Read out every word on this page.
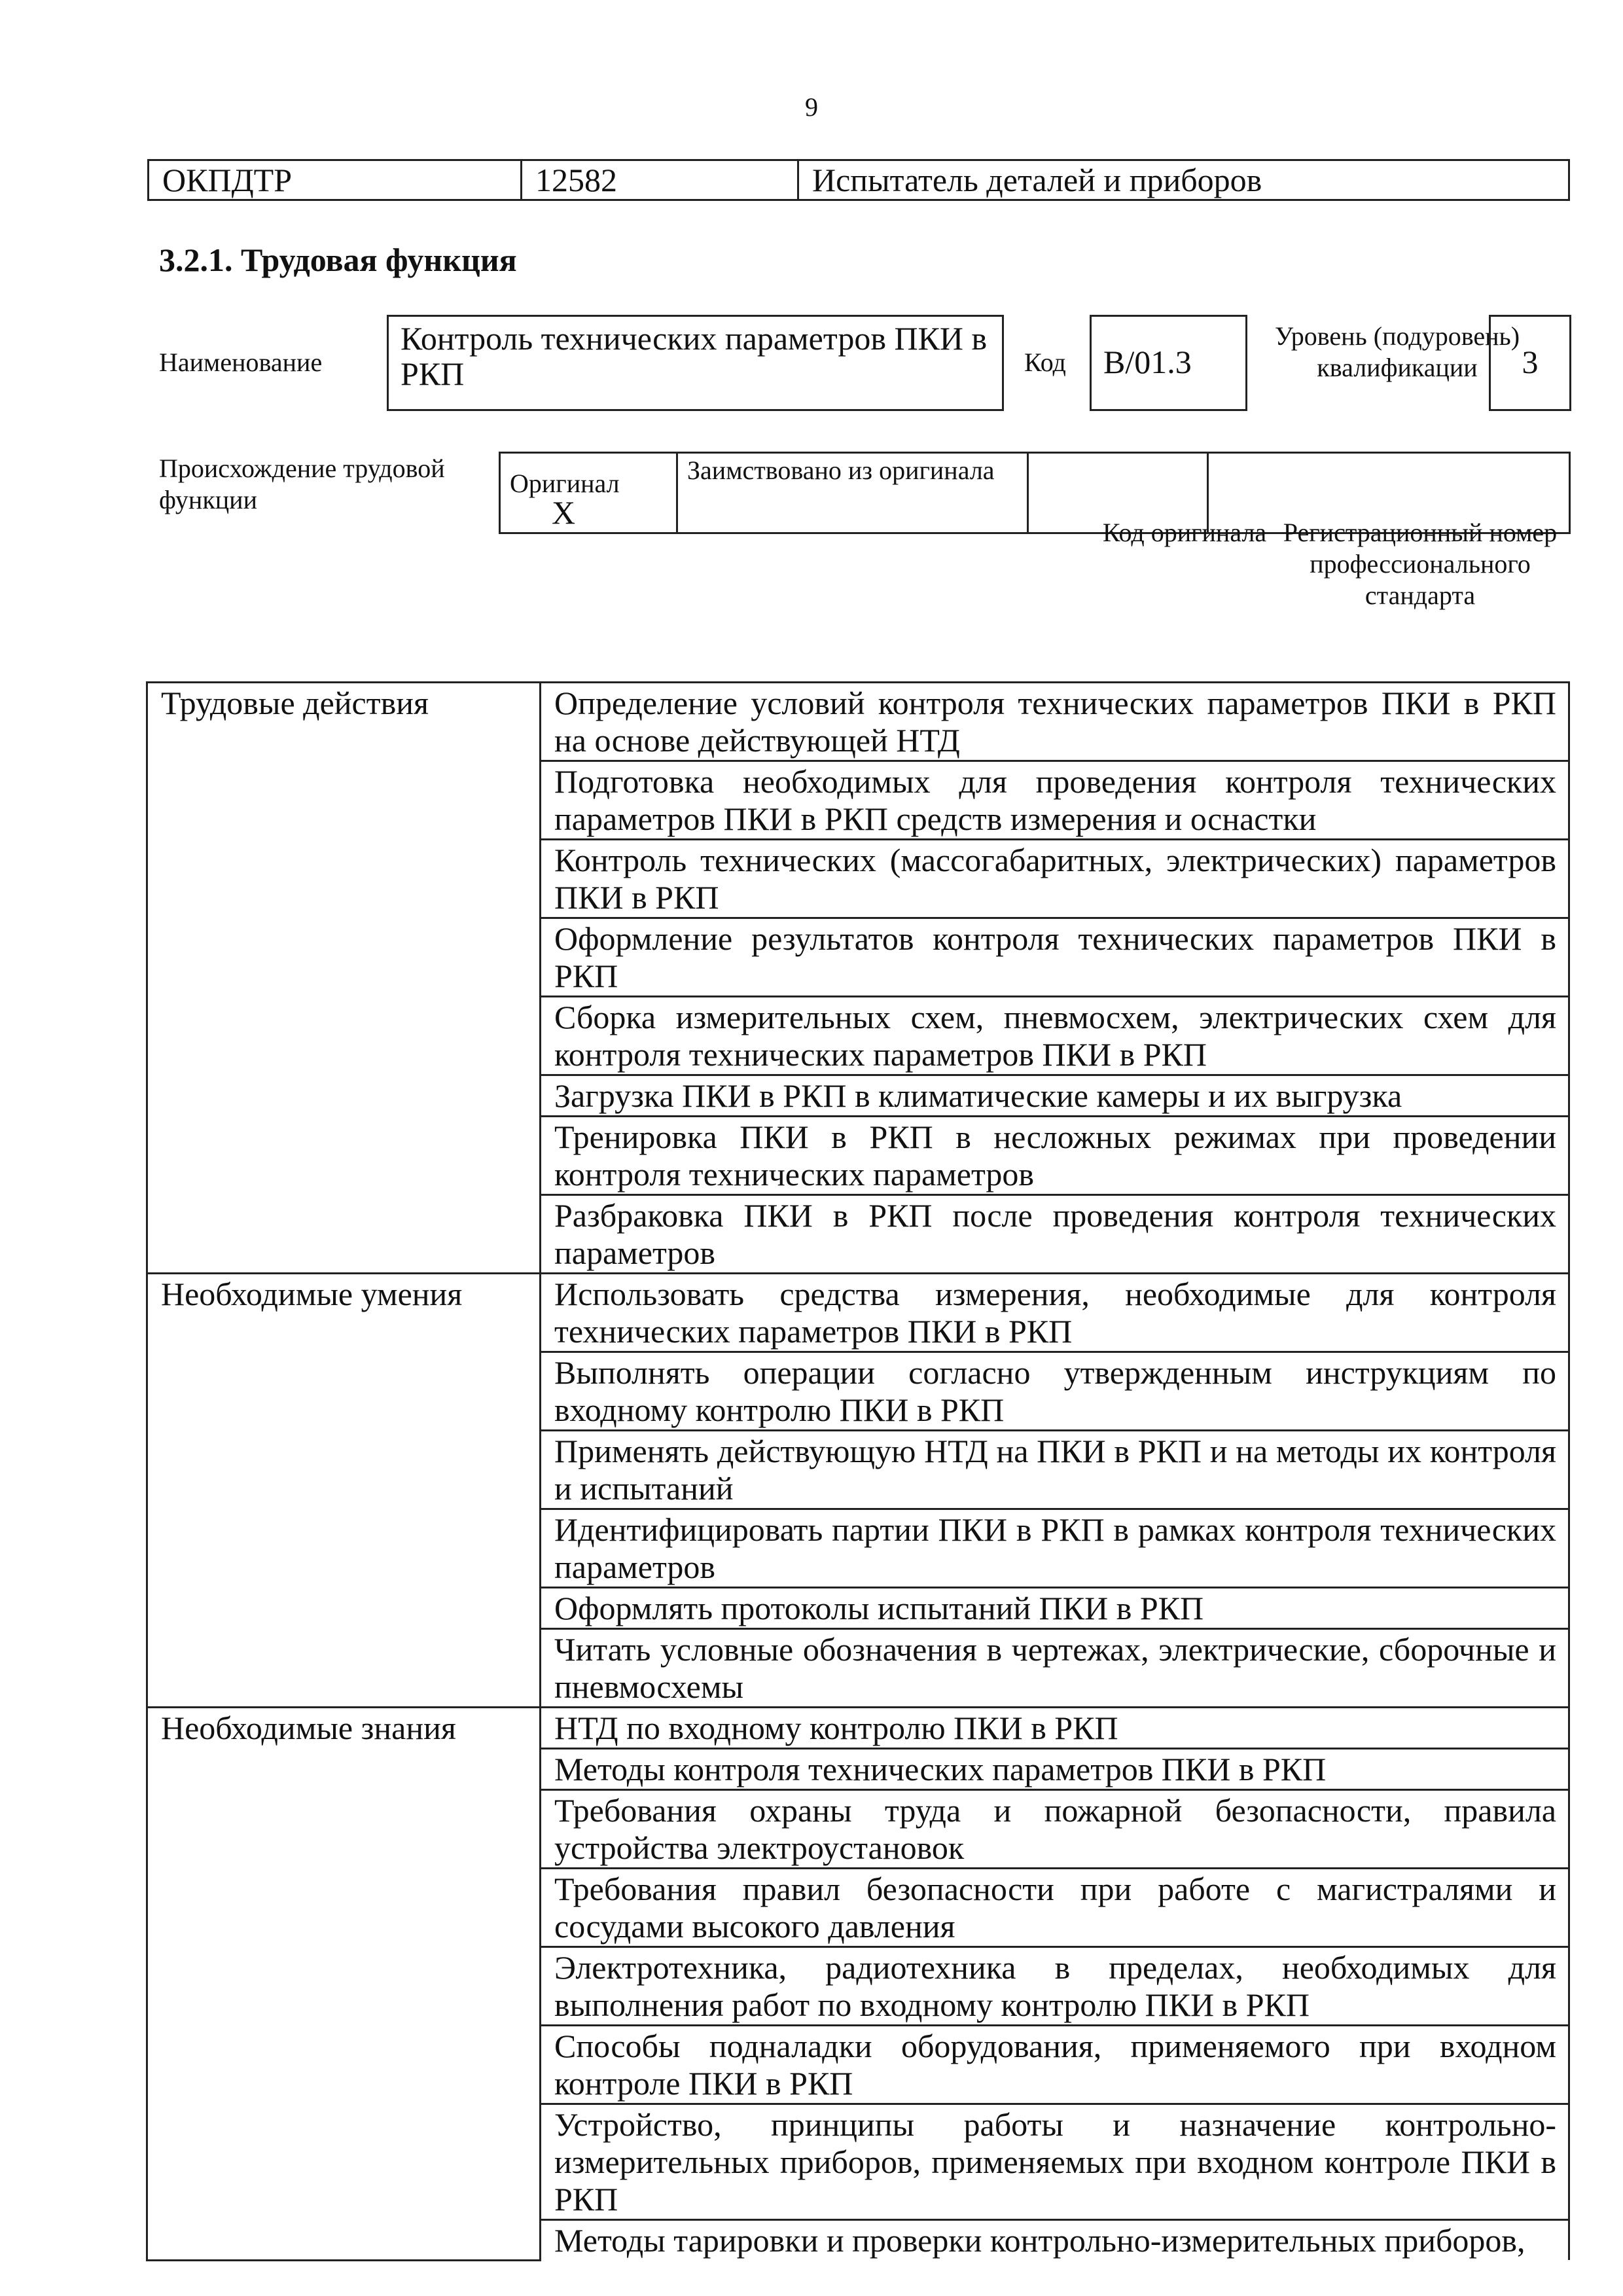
9
ОКПДТР	12582	Испытатель деталей и приборов
3.2.1. Трудовая функция
Наименование
Контроль технических параметров ПКИ в РКП	Код	B/01.3
Уровень (подуровень) квалификации	3
Происхождение трудовой функции
Оригинал Х	Заимствовано из оригинала		
Код оригинала Регистрационный номер профессионального стандарта
Трудовые действия	Определение условий контроля технических параметров ПКИ в РКП на основе действующей НТД
	Подготовка необходимых для проведения контроля технических параметров ПКИ в РКП средств измерения и оснастки
	Контроль технических (массогабаритных, электрических) параметров ПКИ в РКП
	Оформление результатов контроля технических параметров ПКИ в РКП
	Сборка измерительных схем, пневмосхем, электрических схем для контроля технических параметров ПКИ в РКП
	Загрузка ПКИ в РКП в климатические камеры и их выгрузка
	Тренировка ПКИ в РКП в несложных режимах при проведении контроля технических параметров
	Разбраковка ПКИ в РКП после проведения контроля технических параметров
Необходимые умения	Использовать средства измерения, необходимые для контроля технических параметров ПКИ в РКП
	Выполнять операции согласно утвержденным инструкциям по входному контролю ПКИ в РКП
	Применять действующую НТД на ПКИ в РКП и на методы их контроля и испытаний
	Идентифицировать партии ПКИ в РКП в рамках контроля технических параметров
	Оформлять протоколы испытаний ПКИ в РКП
	Читать условные обозначения в чертежах, электрические, сборочные и пневмосхемы
Необходимые знания	НТД по входному контролю ПКИ в РКП
	Методы контроля технических параметров ПКИ в РКП
	Требования охраны труда и пожарной безопасности, правила устройства электроустановок
	Требования правил безопасности при работе с магистралями и сосудами высокого давления
	Электротехника, радиотехника в пределах, необходимых для выполнения работ по входному контролю ПКИ в РКП
	Способы подналадки оборудования, применяемого при входном контроле ПКИ в РКП
	Устройство, принципы работы и назначение контрольно-измерительных приборов, применяемых при входном контроле ПКИ в РКП
	Методы тарировки и проверки контрольно-измерительных приборов,
